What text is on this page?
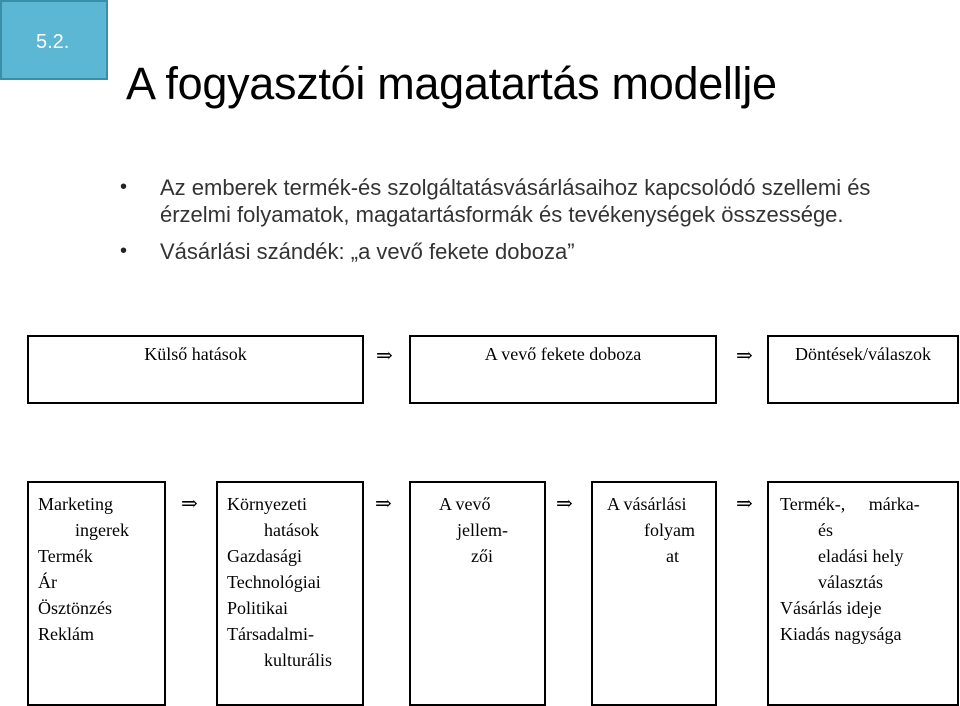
5.2.
A fogyasztói magatartás modellje
• Az emberek termék-és szolgáltatásvásárlásaihoz kapcsolódó szellemi és
érzelmi folyamatok, magatartásformák és tevékenységek összessége.
• Vásárlási szándék: „a vevő fekete doboza”
Külső hatások	⇒	A vevő fekete doboza	⇒	Döntések/válaszok
Marketing
ingerek
Termék
Ár
Ösztönzés
Reklám
⇒ Környezeti
hatások
Gazdasági
Technológiai
Politikai
Társadalmi-
kulturális
⇒	A vevő
jellem-
zői
⇒ A vásárlási
folyam
at
⇒ Termék-, márka-
és
eladási hely
választás
Vásárlás ideje
Kiadás nagysága
